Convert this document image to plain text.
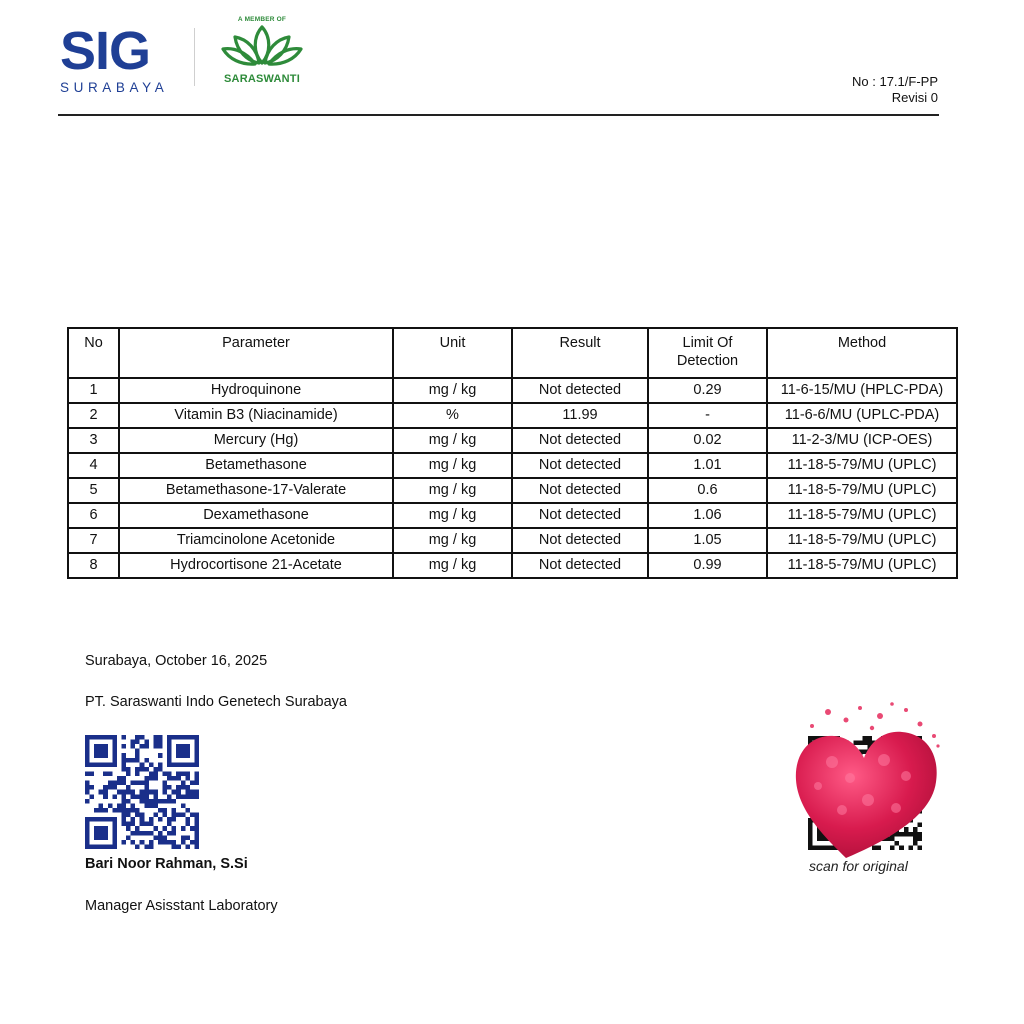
SIG
SURABAYA
A MEMBER OF
SARASWANTI	No : 17.1/F-PP
Revisi 0
No	Parameter	Unit	Result	Limit Of Detection	Method
1	Hydroquinone	mg / kg	Not detected	0.29	11-6-15/MU (HPLC-PDA)
2	Vitamin B3 (Niacinamide)	%	11.99	-	11-6-6/MU (UPLC-PDA)
3	Mercury (Hg)	mg / kg	Not detected	0.02	11-2-3/MU (ICP-OES)
4	Betamethasone	mg / kg	Not detected	1.01	11-18-5-79/MU (UPLC)
5	Betamethasone-17-Valerate	mg / kg	Not detected	0.6	11-18-5-79/MU (UPLC)
6	Dexamethasone	mg / kg	Not detected	1.06	11-18-5-79/MU (UPLC)
7	Triamcinolone Acetonide	mg / kg	Not detected	1.05	11-18-5-79/MU (UPLC)
8	Hydrocortisone 21-Acetate	mg / kg	Not detected	0.99	11-18-5-79/MU (UPLC)
Surabaya, October 16, 2025
PT. Saraswanti Indo Genetech Surabaya
Bari Noor Rahman, S.Si
Manager Asisstant Laboratory
scan for original
